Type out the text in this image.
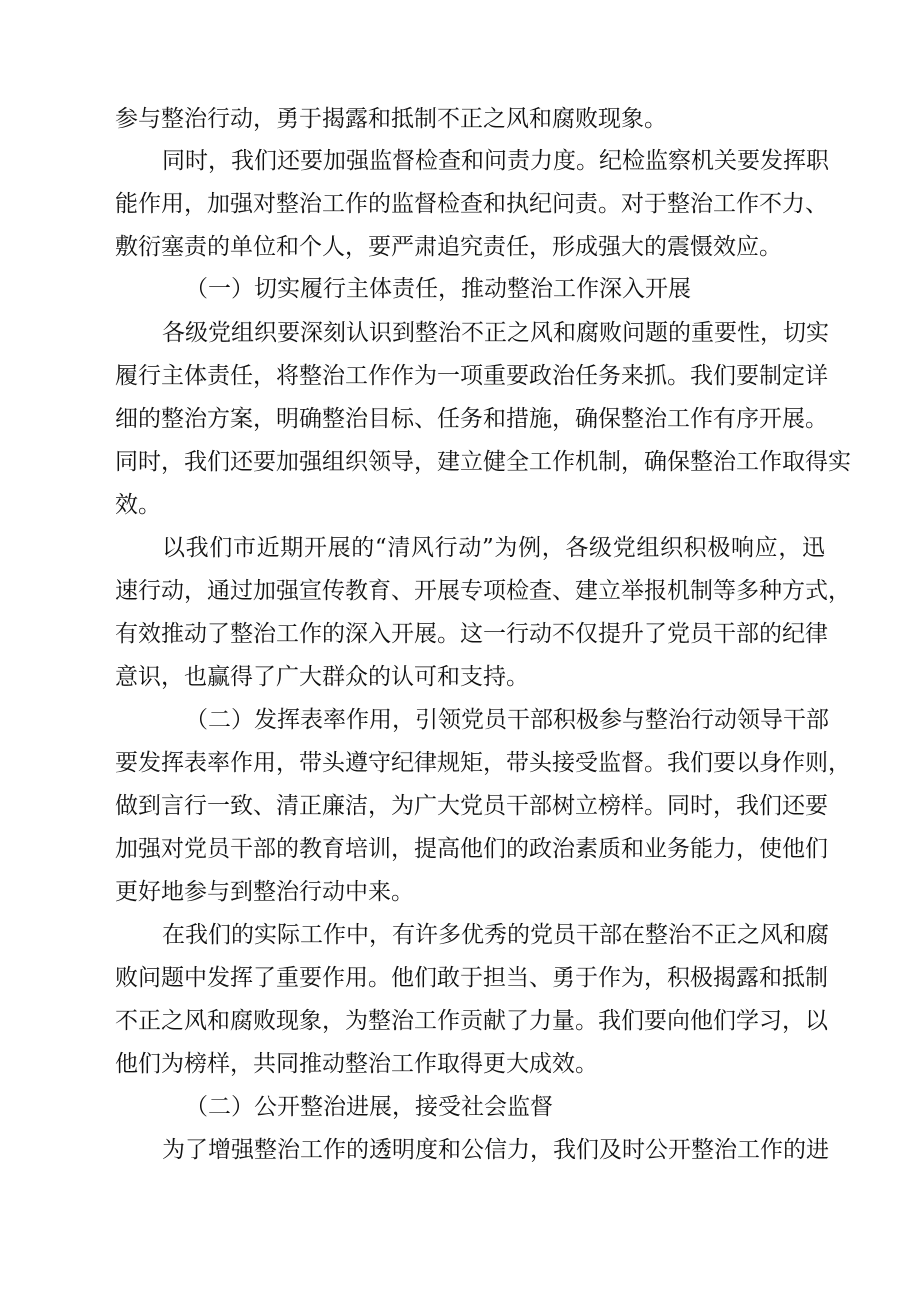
参与整治行动，勇于揭露和抵制不正之风和腐败现象。

同时，我们还要加强监督检查和问责力度。纪检监察机关要发挥职

能作用，加强对整治工作的监督检查和执纪问责。对于整治工作不力、

敷衍塞责的单位和个人，要严肃追究责任，形成强大的震慑效应。

（一）切实履行主体责任，推动整治工作深入开展

各级党组织要深刻认识到整治不正之风和腐败问题的重要性，切实

履行主体责任，将整治工作作为一项重要政治任务来抓。我们要制定详

细的整治方案，明确整治目标、任务和措施，确保整治工作有序开展。

同时，我们还要加强组织领导，建立健全工作机制，确保整治工作取得实

效。

以我们市近期开展的“清风行动”为例，各级党组织积极响应，迅

速行动，通过加强宣传教育、开展专项检查、建立举报机制等多种方式，

有效推动了整治工作的深入开展。这一行动不仅提升了党员干部的纪律

意识，也赢得了广大群众的认可和支持。

（二）发挥表率作用，引领党员干部积极参与整治行动领导干部

要发挥表率作用，带头遵守纪律规矩，带头接受监督。我们要以身作则，

做到言行一致、清正廉洁，为广大党员干部树立榜样。同时，我们还要

加强对党员干部的教育培训，提高他们的政治素质和业务能力，使他们

更好地参与到整治行动中来。

在我们的实际工作中，有许多优秀的党员干部在整治不正之风和腐

败问题中发挥了重要作用。他们敢于担当、勇于作为，积极揭露和抵制

不正之风和腐败现象，为整治工作贡献了力量。我们要向他们学习，以

他们为榜样，共同推动整治工作取得更大成效。

（二）公开整治进展，接受社会监督

为了增强整治工作的透明度和公信力，我们及时公开整治工作的进
